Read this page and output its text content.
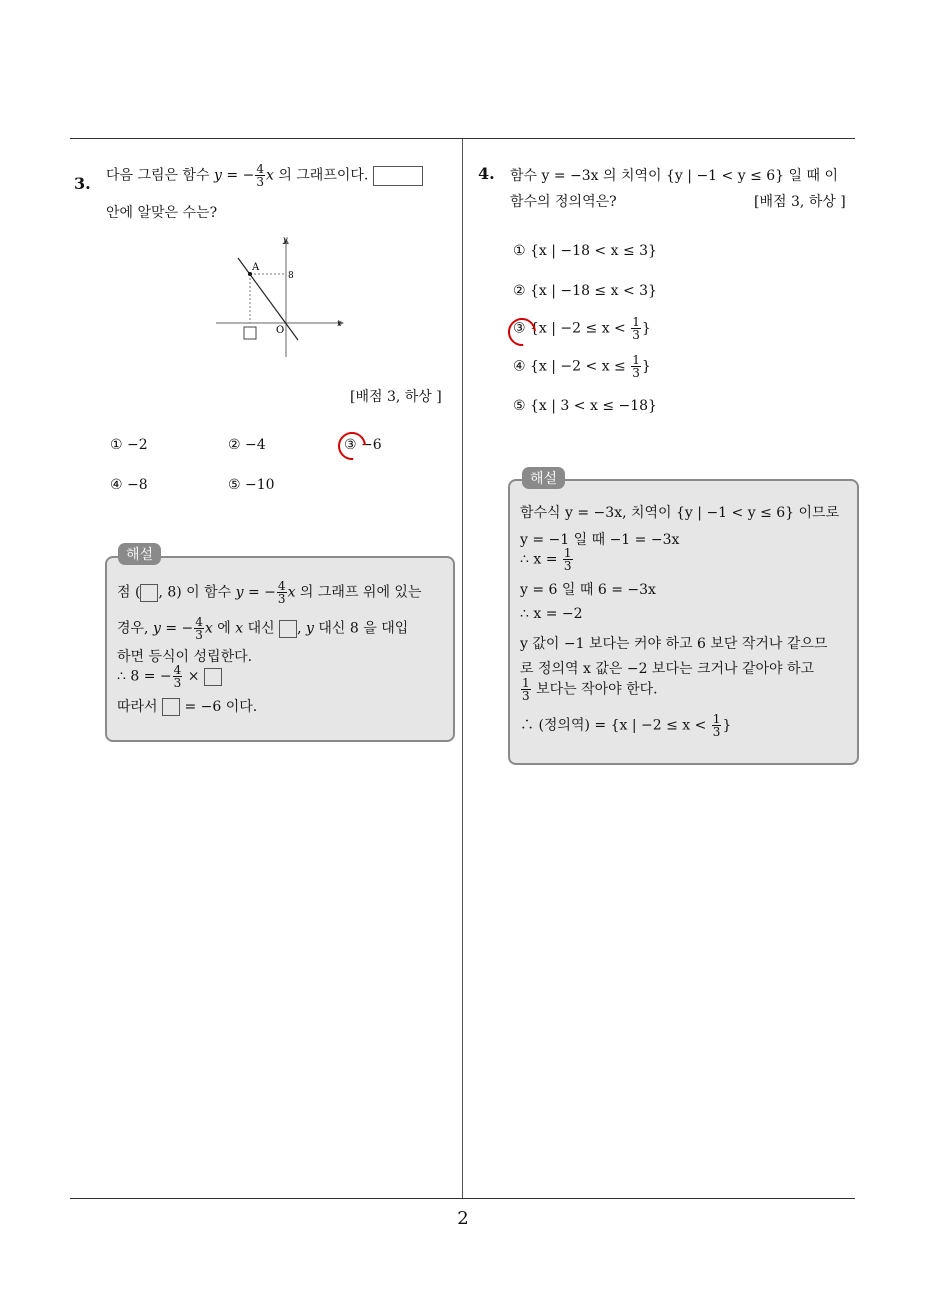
3. 다음 그림은 함수 y = − $\frac{4}{3}$ x 의 그래프이다.
안에 알맞은 수는?
A
8
O
x
y
[배점 3, 하상 ]
① −2	② −4	③ −6
④ −8	⑤ −10
점 ( , 8) 이 함수 y = − $\frac{4}{3}$ x 의 그래프 위에 있는
경우, y = − $\frac{4}{3}$ x 에 x 대신 , y 대신 8 을 대입
하면 등식이 성립한다.
∴ 8 = − $\frac{4}{3}$ ×
따라서 = −6 이다.
해설
4. 함수 y = −3x 의 치역이 {y | −1 < y ≤ 6} 일 때 이
함수의 정의역은?	[배점 3, 하상 ]
① {x | −18 < x ≤ 3}
② {x | −18 ≤ x < 3}
③ {x | $-2 \le x < \frac{1}{3}$ }
④ {x | $-2 < x \le \frac{1}{3}$ }
⑤ {x | 3 < x ≤ −18}
함수식 y = −3x, 치역이 {y | −1 < y ≤ 6} 이므로
y = −1 일 때 −1 = −3x
∴ $x = \frac{1}{3}$
y = 6 일 때 6 = −3x
∴ x = −2
y 값이 −1 보다는 커야 하고 6 보단 작거나 같으므
로 정의역 x 값은 −2 보다는 크거나 같아야 하고
$\frac{1}{3}$ 보다는 작아야 한다.
∴ (정의역) = {x | $-2 \le x < \frac{1}{3}$ }
해설
2
